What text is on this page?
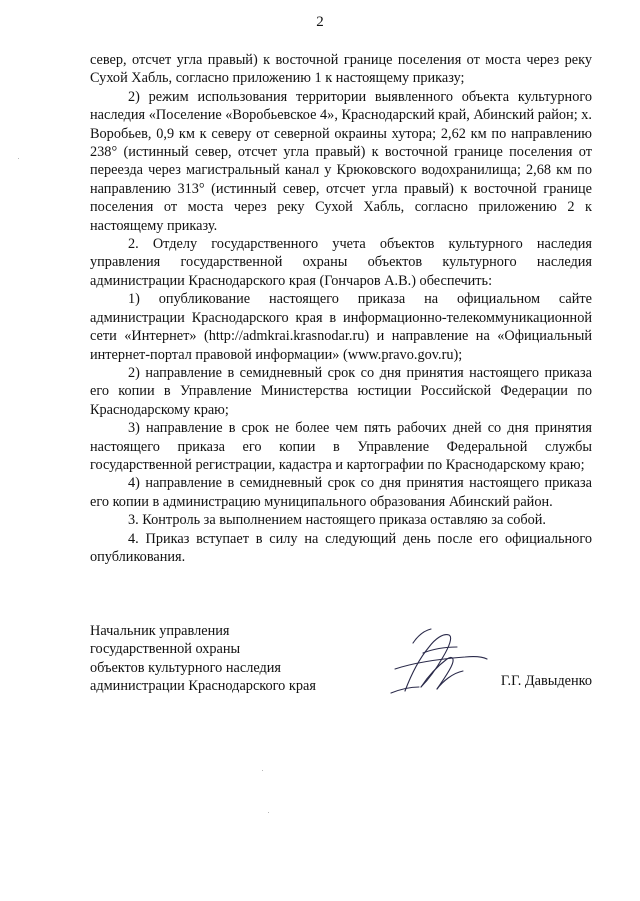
2

север, отсчет угла правый) к восточной границе поселения от моста через реку Сухой Хабль, согласно приложению 1 к настоящему приказу;

2) режим использования территории выявленного объекта культурного наследия «Поселение «Воробьевское 4», Краснодарский край, Абинский район; х. Воробьев, 0,9 км к северу от северной окраины хутора; 2,62 км по направлению 238° (истинный север, отсчет угла правый) к восточной границе поселения от переезда через магистральный канал у Крюковского водохранилища; 2,68 км по направлению 313° (истинный север, отсчет угла правый) к восточной границе поселения от моста через реку Сухой Хабль, согласно приложению 2 к настоящему приказу.

2. Отделу государственного учета объектов культурного наследия управления государственной охраны объектов культурного наследия администрации Краснодарского края (Гончаров А.В.) обеспечить:

1) опубликование настоящего приказа на официальном сайте администрации Краснодарского края в информационно-телекоммуникационной сети «Интернет» (http://admkrai.krasnodar.ru) и направление на «Официальный интернет-портал правовой информации» (www.pravo.gov.ru);

2) направление в семидневный срок со дня принятия настоящего приказа его копии в Управление Министерства юстиции Российской Федерации по Краснодарскому краю;

3) направление в срок не более чем пять рабочих дней со дня принятия настоящего приказа его копии в Управление Федеральной службы государственной регистрации, кадастра и картографии по Краснодарскому краю;

4) направление в семидневный срок со дня принятия настоящего приказа его копии в администрацию муниципального образования Абинский район.

3. Контроль за выполнением настоящего приказа оставляю за собой.

4. Приказ вступает в силу на следующий день после его официального опубликования.

Начальник управления
государственной охраны
объектов культурного наследия
администрации Краснодарского края	Г.Г. Давыденко
